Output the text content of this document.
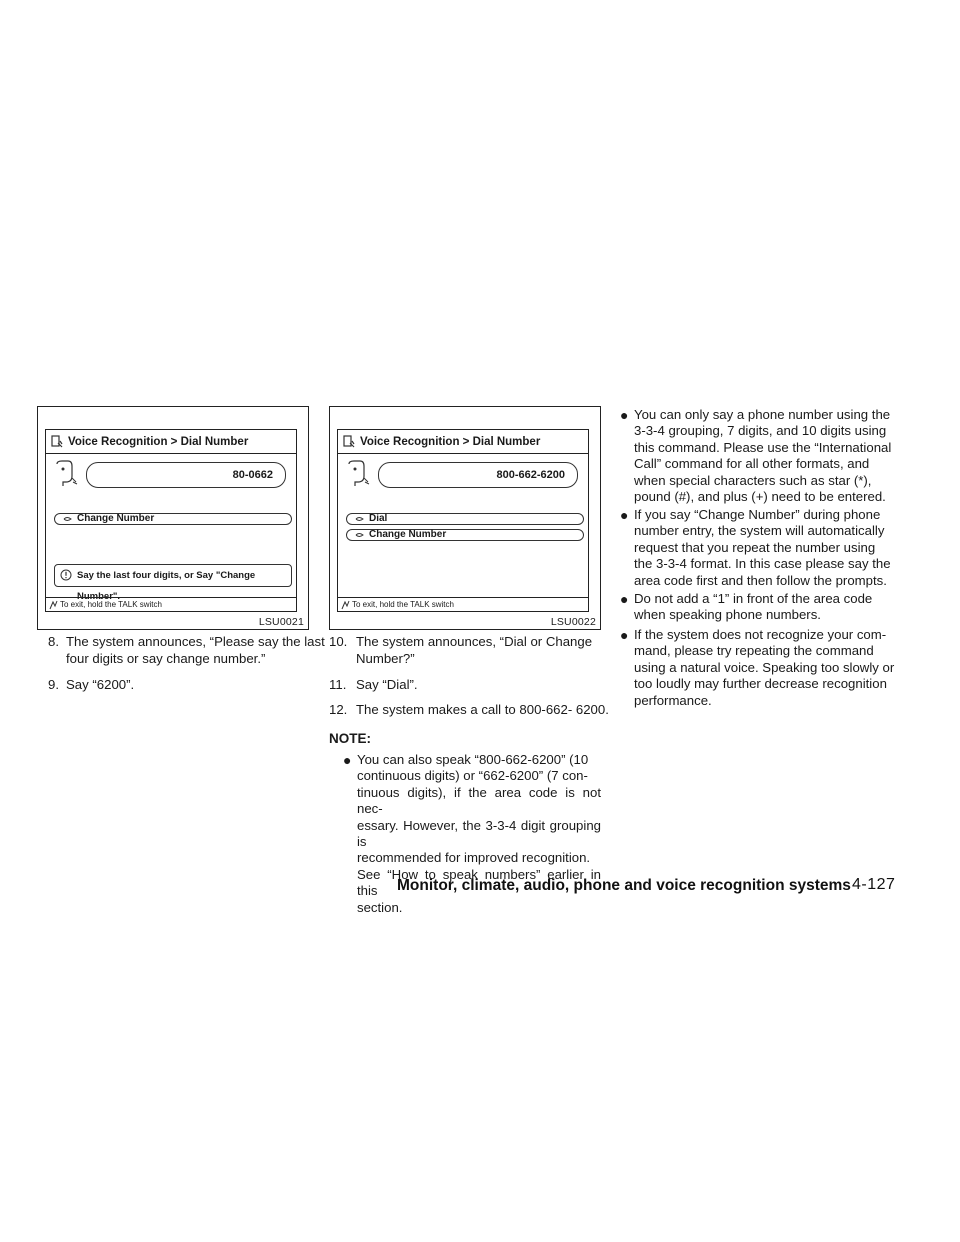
Voice Recognition > Dial Number
80-0662
Change Number
Say the last four digits, or Say "Change Number".
To exit, hold the TALK switch
LSU0021
Voice Recognition > Dial Number
800-662-6200
Dial
Change Number
To exit, hold the TALK switch
LSU0022
8. The system announces, “Please say the last
four digits or say change number.”
9. Say “6200”.
10. The system announces, “Dial or Change
Number?”
11. Say “Dial”.
12. The system makes a call to 800-662- 6200.
NOTE:
● You can also speak “800-662-6200” (10
continuous digits) or “662-6200” (7 con-
tinuous digits), if the area code is not nec-
essary. However, the 3-3-4 digit grouping is
recommended for improved recognition.
See “How to speak numbers” earlier in this
section.
● You can only say a phone number using the
3-3-4 grouping, 7 digits, and 10 digits using
this command. Please use the “International
Call” command for all other formats, and
when special characters such as star (*),
pound (#), and plus (+) need to be entered.
● If you say “Change Number” during phone
number entry, the system will automatically
request that you repeat the number using
the 3-3-4 format. In this case please say the
area code first and then follow the prompts.
● Do not add a “1” in front of the area code
when speaking phone numbers.
● If the system does not recognize your com-
mand, please try repeating the command
using a natural voice. Speaking too slowly or
too loudly may further decrease recognition
performance.
Monitor, climate, audio, phone and voice recognition systems 4-127
